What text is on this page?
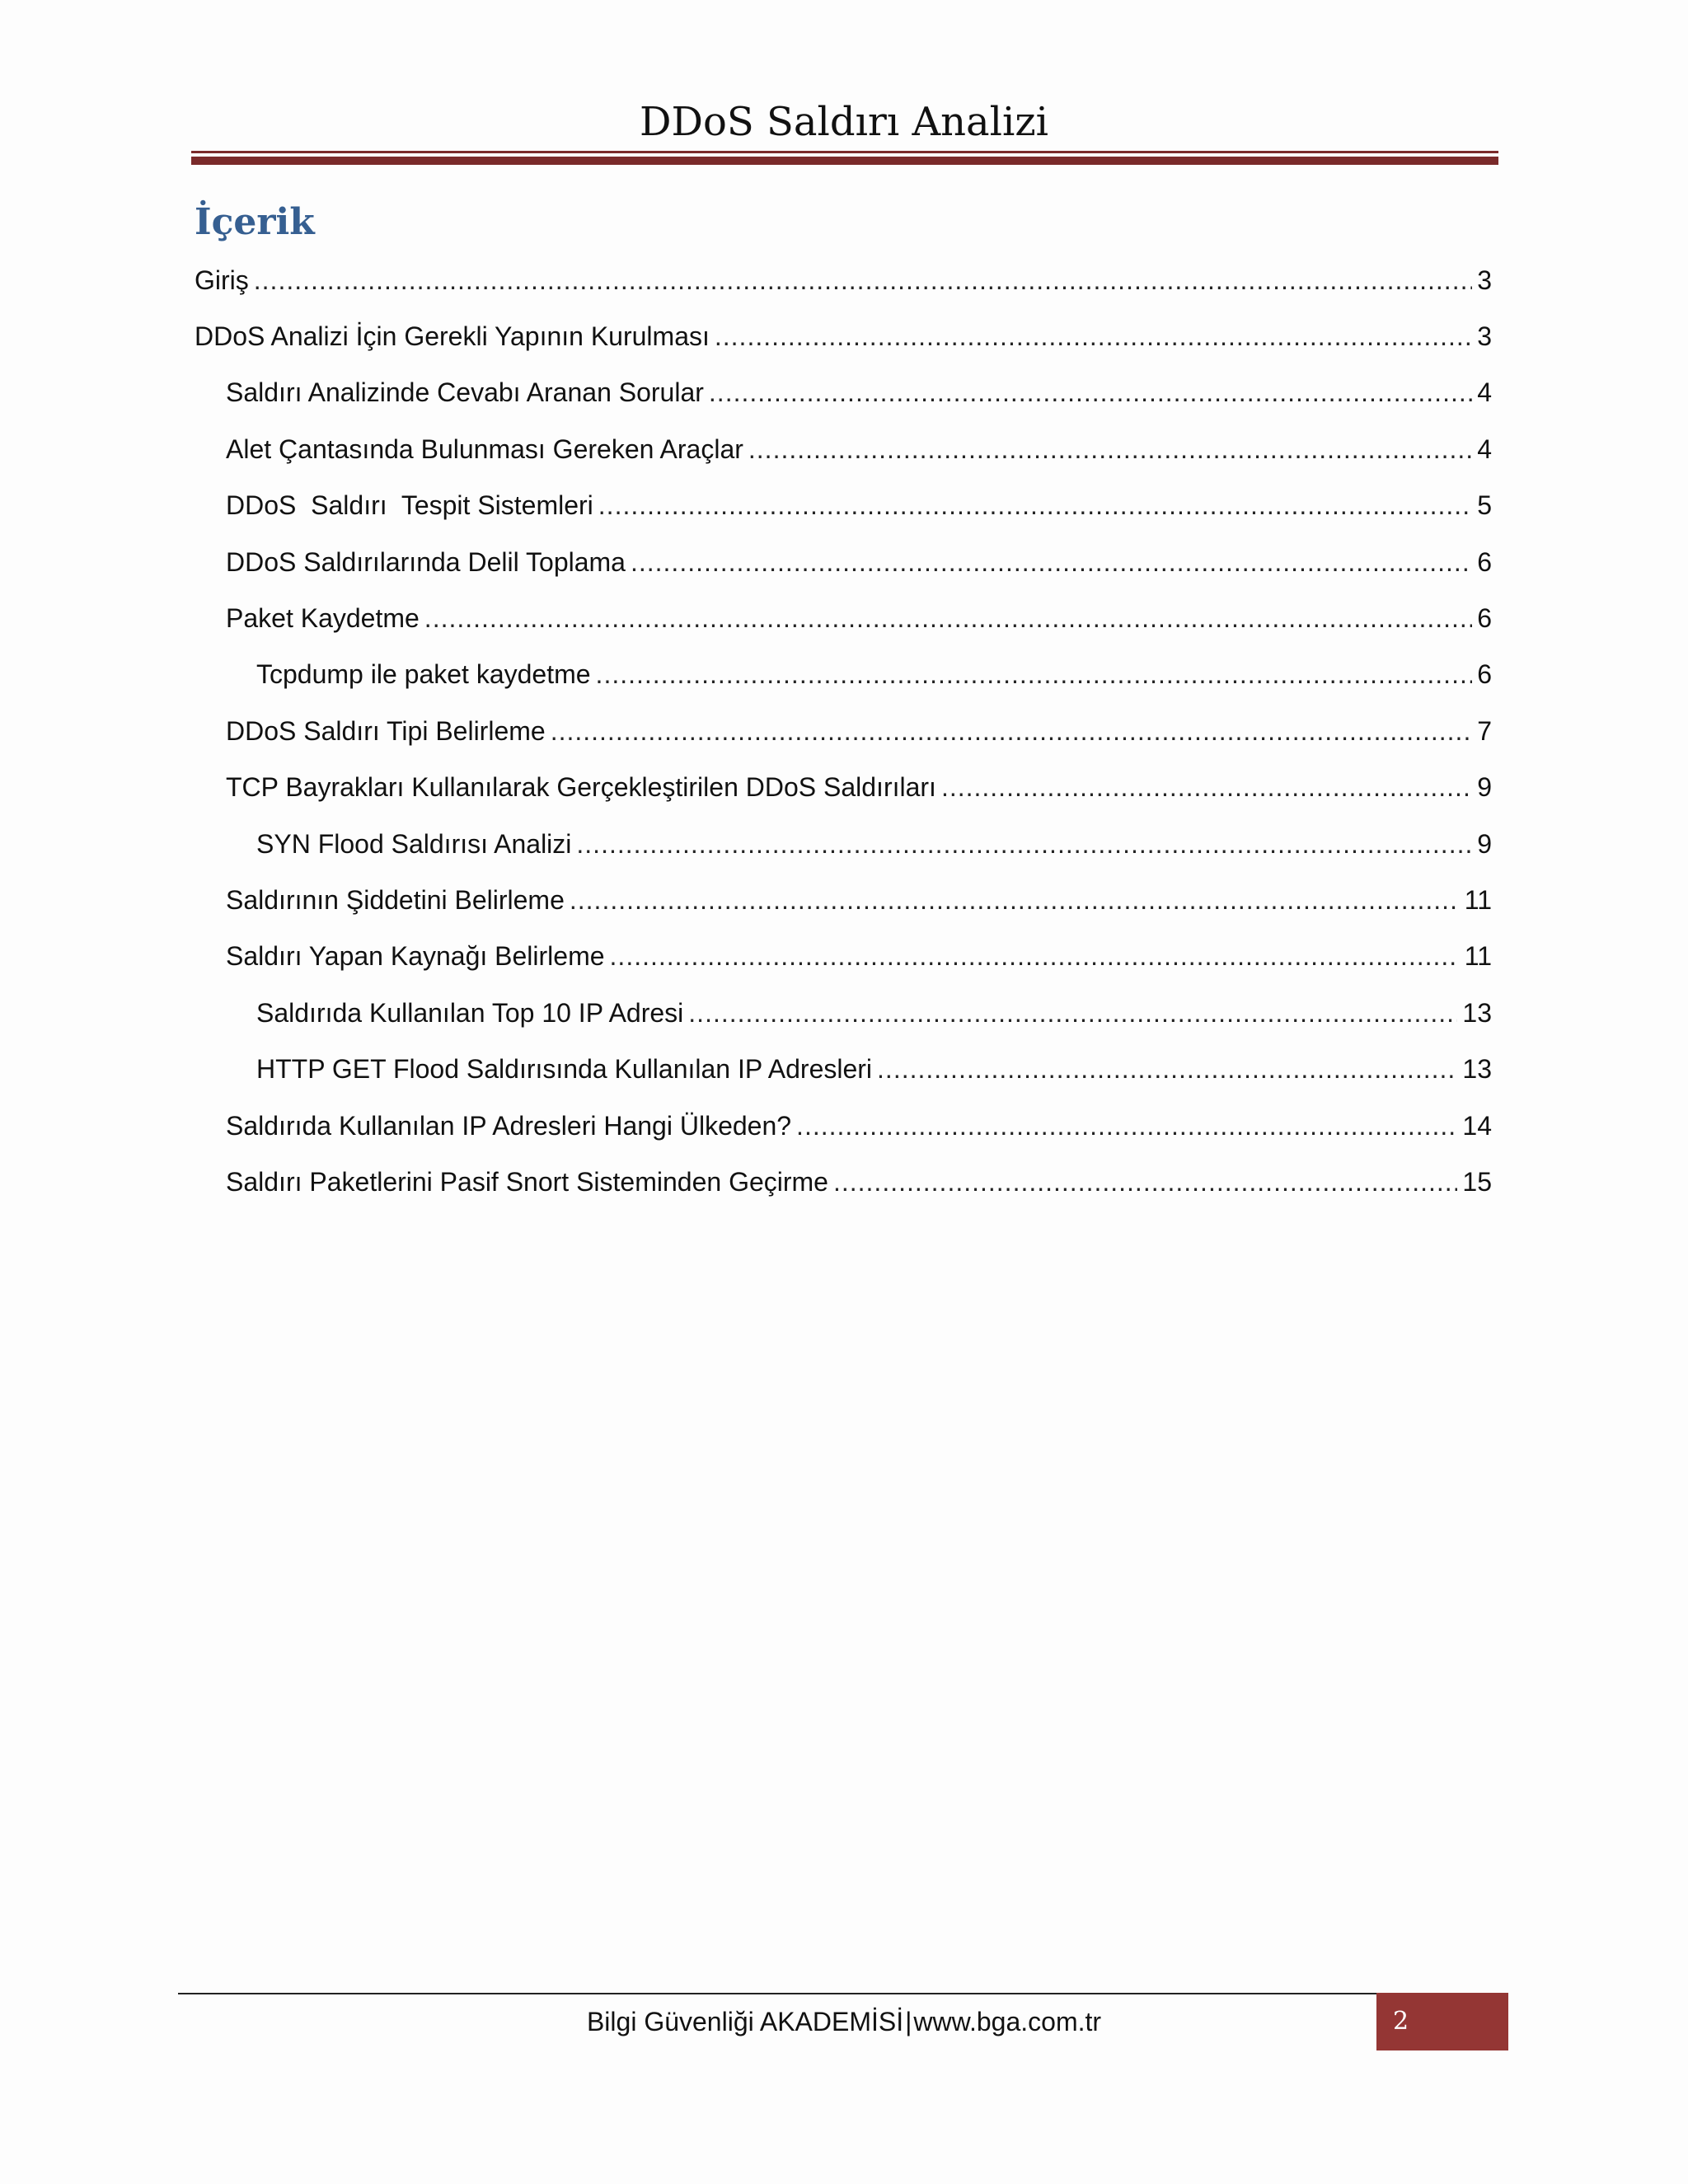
DDoS Saldırı Analizi
İçerik
Giriş .....	3
DDoS Analizi İçin Gerekli Yapının Kurulması .....	3
Saldırı Analizinde Cevabı Aranan Sorular .....	4
Alet Çantasında Bulunması Gereken Araçlar .....	4
DDoS  Saldırı  Tespit Sistemleri .....	5
DDoS Saldırılarında Delil Toplama .....	6
Paket Kaydetme .....	6
Tcpdump ile paket kaydetme .....	6
DDoS Saldırı Tipi Belirleme .....	7
TCP Bayrakları Kullanılarak Gerçekleştirilen DDoS Saldırıları .....	9
SYN Flood Saldırısı Analizi .....	9
Saldırının Şiddetini Belirleme .....	11
Saldırı Yapan Kaynağı Belirleme .....	11
Saldırıda Kullanılan Top 10 IP Adresi .....	13
HTTP GET Flood Saldırısında Kullanılan IP Adresleri .....	13
Saldırıda Kullanılan IP Adresleri Hangi Ülkeden? .....	14
Saldırı Paketlerini Pasif Snort Sisteminden Geçirme .....	15
Bilgi Güvenliği AKADEMİSİ|www.bga.com.tr	2
